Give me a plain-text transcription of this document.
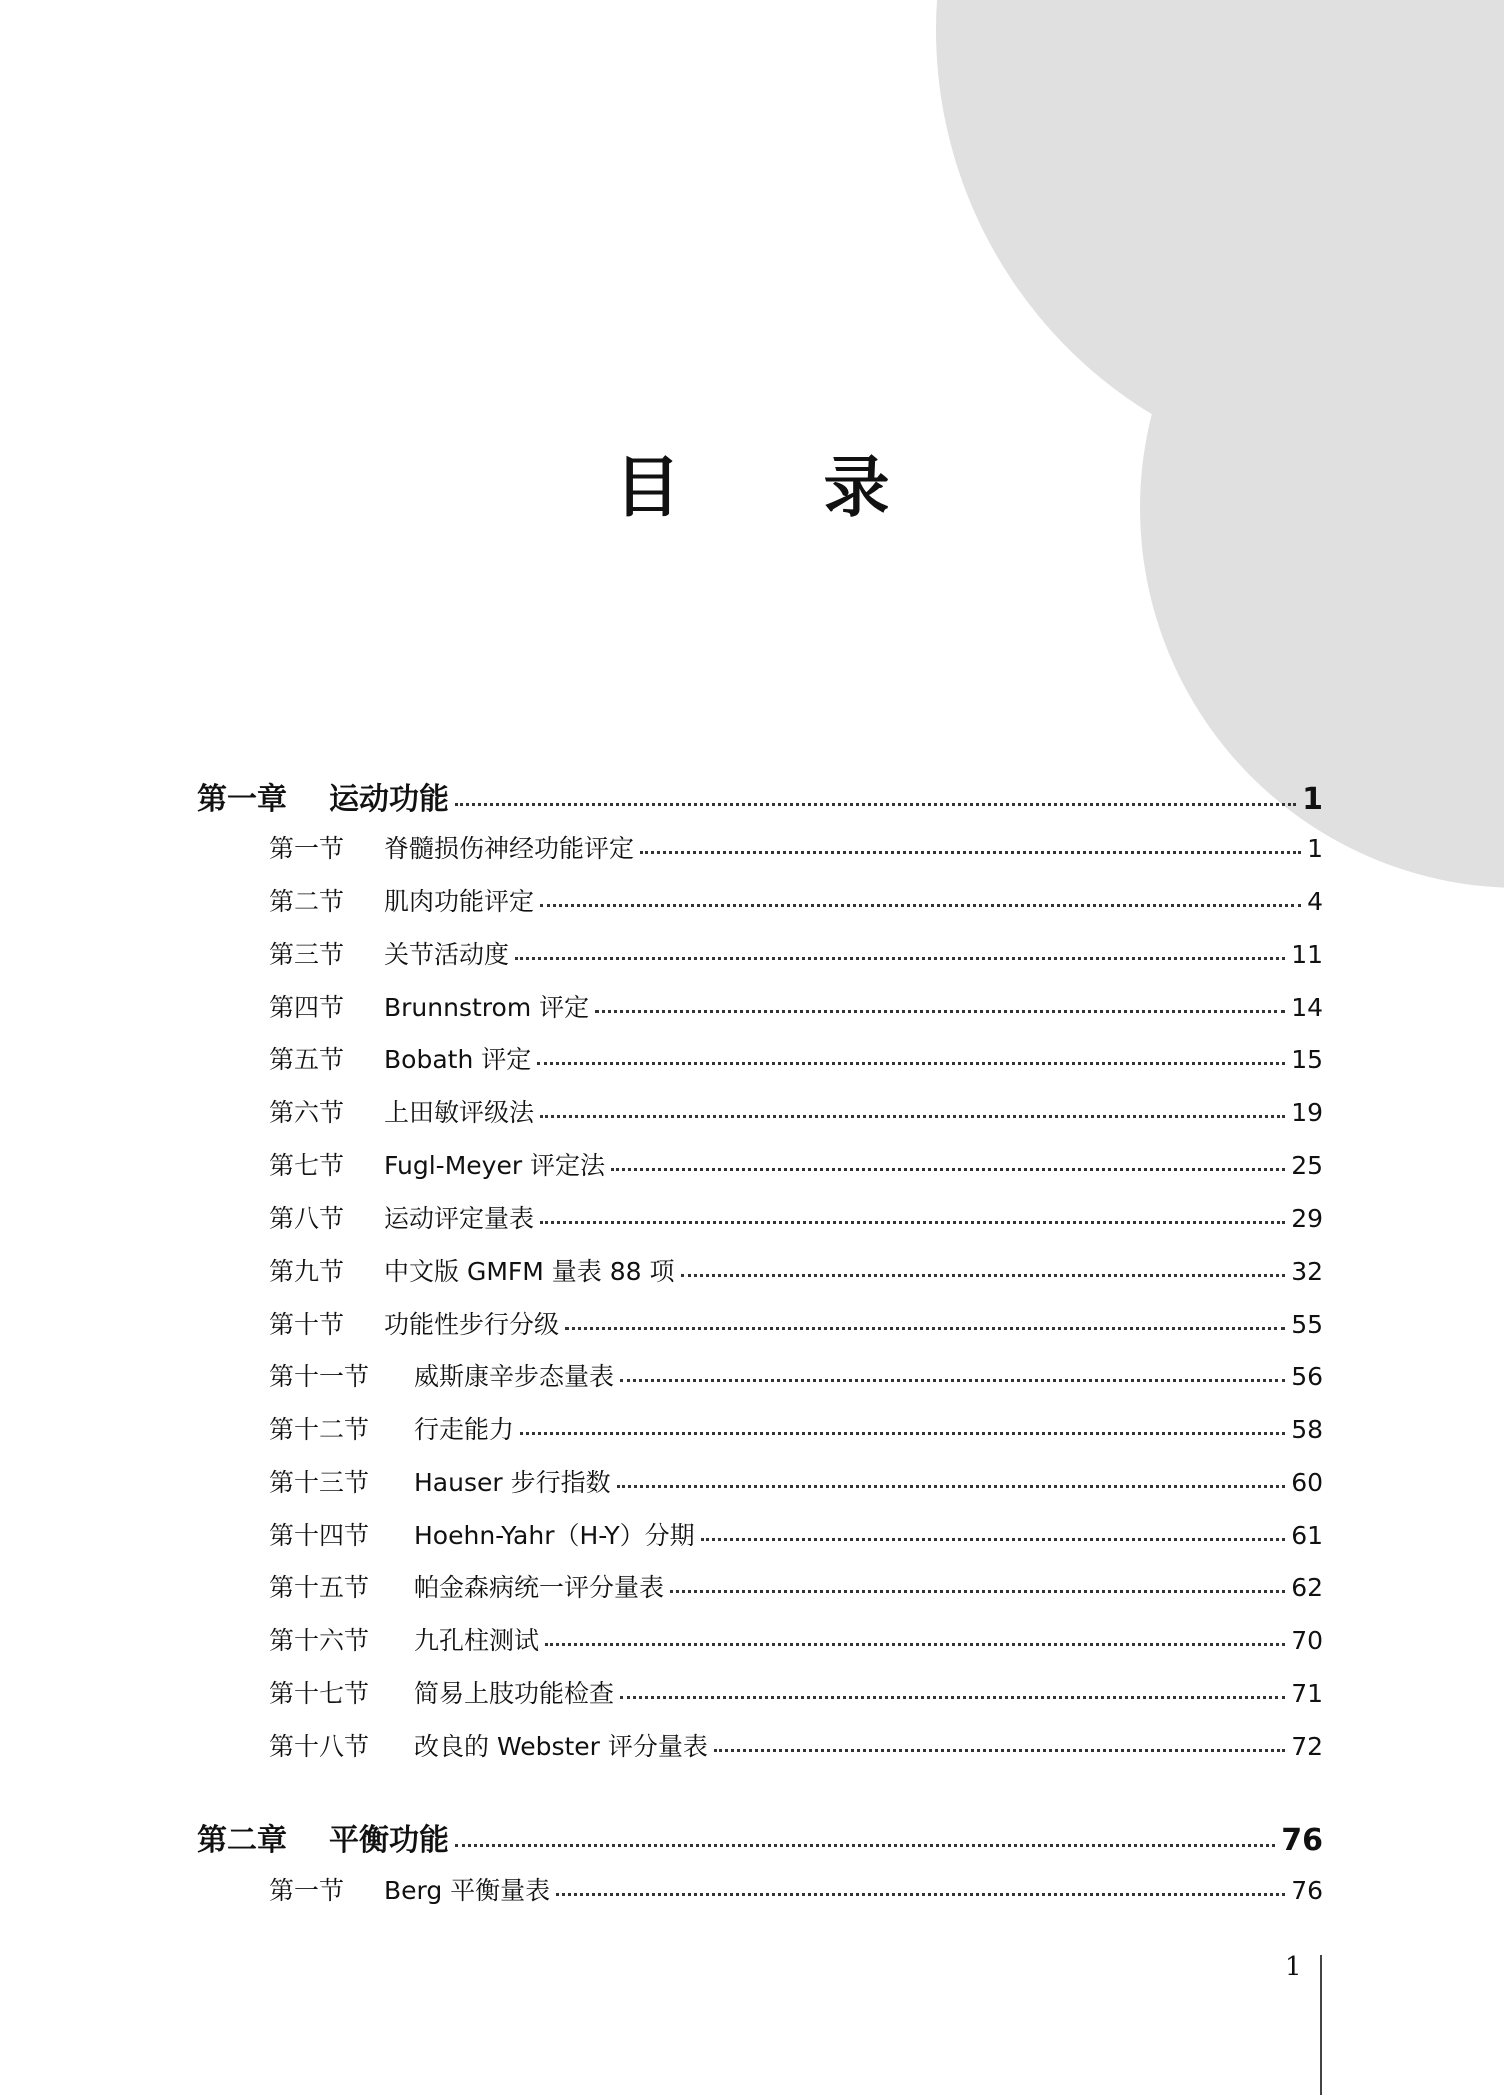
目 录
第一章	运动功能	1
第一节	脊髓损伤神经功能评定	1
第二节	肌肉功能评定	4
第三节	关节活动度	11
第四节	Brunnstrom 评定	14
第五节	Bobath 评定	15
第六节	上田敏评级法	19
第七节	Fugl-Meyer 评定法	25
第八节	运动评定量表	29
第九节	中文版 GMFM 量表 88 项	32
第十节	功能性步行分级	55
第十一节	威斯康辛步态量表	56
第十二节	行走能力	58
第十三节	Hauser 步行指数	60
第十四节	Hoehn-Yahr（H-Y）分期	61
第十五节	帕金森病统一评分量表	62
第十六节	九孔柱测试	70
第十七节	简易上肢功能检查	71
第十八节	改良的 Webster 评分量表	72
第二章	平衡功能	76
第一节	Berg 平衡量表	76
1
